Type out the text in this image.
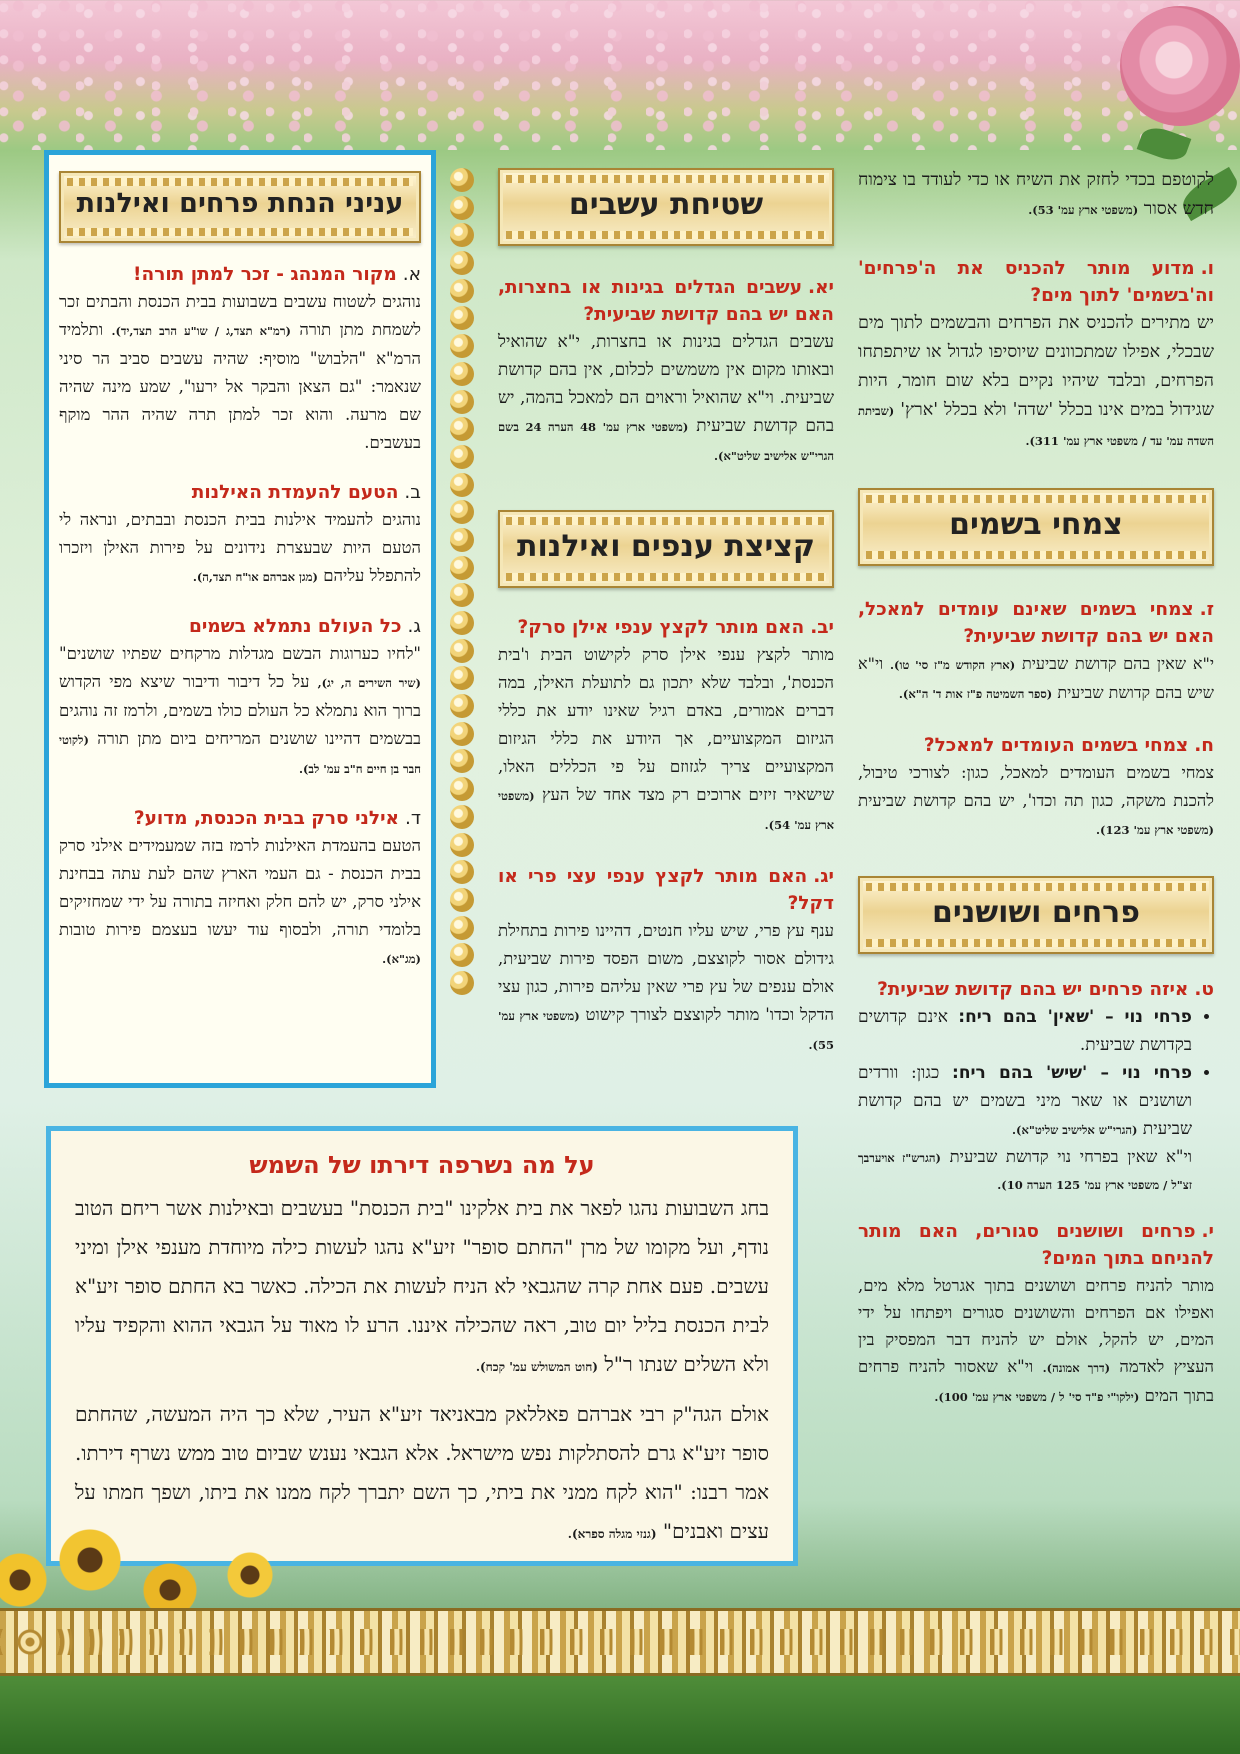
לקוטפם בכדי לחזק את השיח או כדי לעודד בו צימוח חדש אסור (משפטי ארץ עמ' 53).

ו.מדוע מותר להכניס את ה'פרחים' וה'בשמים' לתוך מים?

יש מתירים להכניס את הפרחים והבשמים לתוך מים שבכלי, אפילו שמתכוונים שיוסיפו לגדול או שיתפתחו הפרחים, ובלבד שיהיו נקיים בלא שום חומר, היות שגידול במים אינו בכלל 'שדה' ולא בכלל 'ארץ' (שביתת השדה עמ' עד / משפטי ארץ עמ' 311).

צמחי בשמים

ז.צמחי בשמים שאינם עומדים למאכל, האם יש בהם קדושת שביעית?

י"א שאין בהם קדושת שביעית (ארץ הקודש מ"ז סי' טו). וי"א שיש בהם קדושת שביעית (ספר השמיטה פ"ז אות ד' ה"א).

ח.צמחי בשמים העומדים למאכל?

צמחי בשמים העומדים למאכל, כגון: לצורכי טיבול, להכנת משקה, כגון תה וכדו', יש בהם קדושת שביעית (משפטי ארץ עמ' 123).

פרחים ושושנים

ט.איזה פרחים יש בהם קדושת שביעית?

• פרחי נוי – 'שאין' בהם ריח: אינם קדושים בקדושת שביעית.
• פרחי נוי – 'שיש' בהם ריח: כגון: וורדים ושושנים או שאר מיני בשמים יש בהם קדושת שביעית (הגרי"ש אלישיב שליט"א).

וי"א שאין בפרחי נוי קדושת שביעית (הגרש"ז אויערבך זצ"ל / משפטי ארץ עמ' 125 הערה 10).

י.פרחים ושושנים סגורים, האם מותר להניחם בתוך המים?

מותר להניח פרחים ושושנים בתוך אגרטל מלא מים, ואפילו אם הפרחים והשושנים סגורים ויפתחו על ידי המים, יש להקל, אולם יש להניח דבר המפסיק בין העציץ לאדמה (דרך אמונה). וי"א שאסור להניח פרחים בתוך המים (ילקו"י פ"ד סי' ל / משפטי ארץ עמ' 100).

שטיחת עשבים

יא.עשבים הגדלים בגינות או בחצרות, האם יש בהם קדושת שביעית?

עשבים הגדלים בגינות או בחצרות, י"א שהואיל ובאותו מקום אין משמשים לכלום, אין בהם קדושת שביעית. וי"א שהואיל וראוים הם למאכל בהמה, יש בהם קדושת שביעית (משפטי ארץ עמ' 48 הערה 24 בשם הגרי"ש אלישיב שליט"א).

קציצת ענפים ואילנות

יב.האם מותר לקצץ ענפי אילן סרק?

מותר לקצץ ענפי אילן סרק לקישוט הבית ו'בית הכנסת', ובלבד שלא יתכון גם לתועלת האילן, במה דברים אמורים, באדם רגיל שאינו יודע את כללי הגיזום המקצועיים, אך היודע את כללי הגיזום המקצועיים צריך לגזוזם על פי הכללים האלו, שישאיר זיזים ארוכים רק מצד אחד של העץ (משפטי ארץ עמ' 54).

יג.האם מותר לקצץ ענפי עצי פרי או דקל?

ענף עץ פרי, שיש עליו חנטים, דהיינו פירות בתחילת גידולם אסור לקוצצם, משום הפסד פירות שביעית, אולם ענפים של עץ פרי שאין עליהם פירות, כגון עצי הדקל וכדו' מותר לקוצצם לצורך קישוט (משפטי ארץ עמ' 55).

עניני הנחת פרחים ואילנות

א.מקור המנהג - זכר למתן תורה!

נוהגים לשטוח עשבים בשבועות בבית הכנסת והבתים זכר לשמחת מתן תורה (רמ"א תצד,ג / שו"ע הרב תצד,יד). ותלמיד הרמ"א "הלבוש" מוסיף: שהיה עשבים סביב הר סיני שנאמר: "גם הצאן והבקר אל ירעו", שמע מינה שהיה שם מרעה. והוא זכר למתן תרה שהיה ההר מוקף בעשבים.

ב.הטעם להעמדת האילנות

נוהגים להעמיד אילנות בבית הכנסת ובבתים, ונראה לי הטעם היות שבעצרת נידונים על פירות האילן ויזכרו להתפלל עליהם (מגן אברהם או"ח תצד,ה).

ג.כל העולם נתמלא בשמים

"לחיו כערוגות הבשם מגדלות מרקחים שפתיו שושנים" (שיר השירים ה, יג), על כל דיבור ודיבור שיצא מפי הקדוש ברוך הוא נתמלא כל העולם כולו בשמים, ולרמז זה נוהגים בבשמים דהיינו שושנים המריחים ביום מתן תורה (לקוטי חבר בן חיים ח"ב עמ' לב).

ד.אילני סרק בבית הכנסת, מדוע?

הטעם בהעמדת האילנות לרמז בזה שמעמידים אילני סרק בבית הכנסת - גם העמי הארץ שהם לעת עתה בבחינת אילני סרק, יש להם חלק ואחיזה בתורה על ידי שמחזיקים בלומדי תורה, ולבסוף עוד יעשו בעצמם פירות טובות (מג"א).

על מה נשרפה דירתו של השמש

בחג השבועות נהגו לפאר את בית אלקינו "בית הכנסת" בעשבים ובאילנות אשר ריחם הטוב נודף, ועל מקומו של מרן "החתם סופר" זיע"א נהגו לעשות כילה מיוחדת מענפי אילן ומיני עשבים. פעם אחת קרה שהגבאי לא הניח לעשות את הכילה. כאשר בא החתם סופר זיע"א לבית הכנסת בליל יום טוב, ראה שהכילה איננו. הרע לו מאוד על הגבאי ההוא והקפיד עליו ולא השלים שנתו ר"ל (חוט המשולש עמ' קכח).

אולם הגה"ק רבי אברהם פאללאק מבאניאד זיע"א העיר, שלא כך היה המעשה, שהחתם סופר זיע"א גרם להסתלקות נפש מישראל. אלא הגבאי נענש שביום טוב ממש נשרף דירתו. אמר רבנו: "הוא לקח ממני את ביתי, כך השם יתברך לקח ממנו את ביתו, ושפך חמתו על עצים ואבנים" (גנזי מגלה ספרא).
